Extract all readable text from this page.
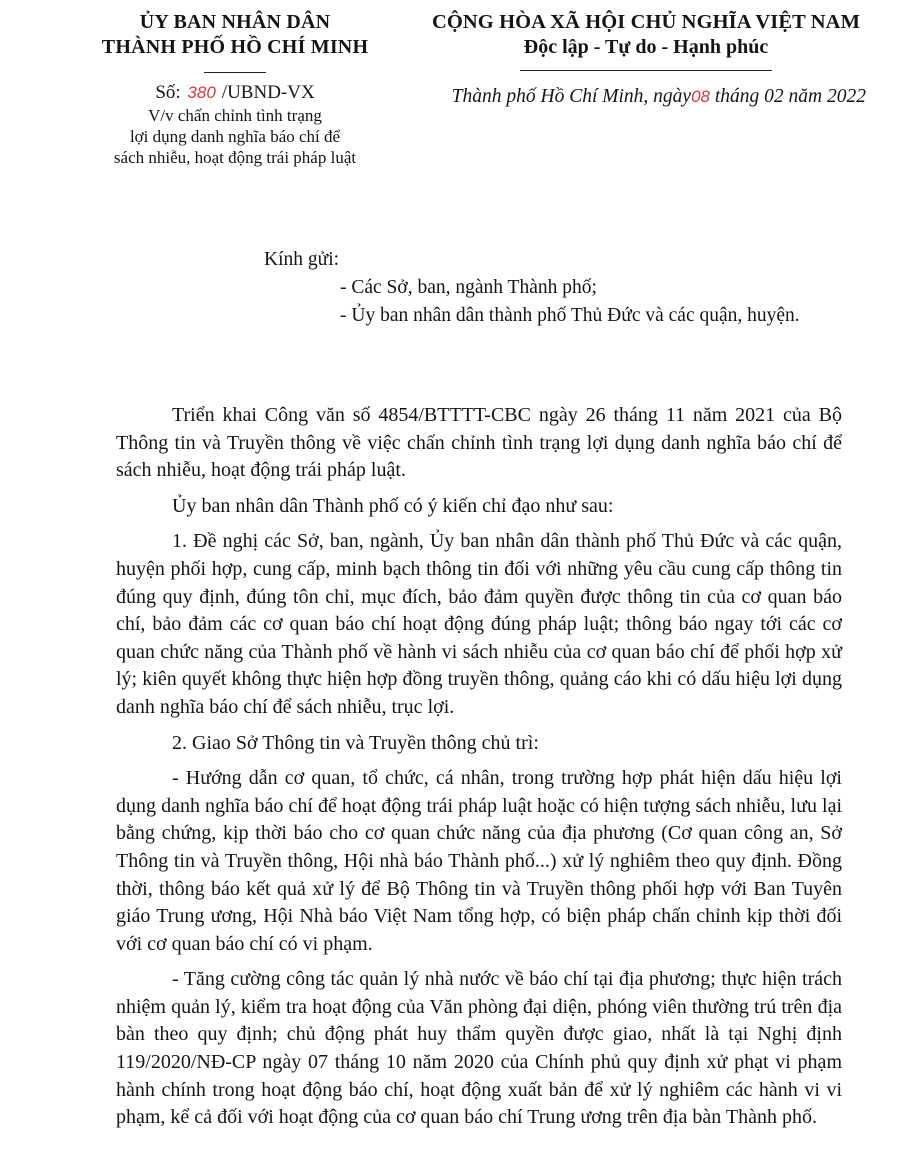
ỦY BAN NHÂN DÂN
THÀNH PHỐ HỒ CHÍ MINH
Số: 380 /UBND-VX
V/v chấn chỉnh tình trạng
lợi dụng danh nghĩa báo chí để
sách nhiễu, hoạt động trái pháp luật
CỘNG HÒA XÃ HỘI CHỦ NGHĨA VIỆT NAM
Độc lập - Tự do - Hạnh phúc
Thành phố Hồ Chí Minh, ngày08 tháng 02 năm 2022
Kính gửi:
- Các Sở, ban, ngành Thành phố;
- Ủy ban nhân dân thành phố Thủ Đức và các quận, huyện.

Triển khai Công văn số 4854/BTTTT-CBC ngày 26 tháng 11 năm 2021 của Bộ Thông tin và Truyền thông về việc chấn chỉnh tình trạng lợi dụng danh nghĩa báo chí để sách nhiễu, hoạt động trái pháp luật.

Ủy ban nhân dân Thành phố có ý kiến chỉ đạo như sau:

1. Đề nghị các Sở, ban, ngành, Ủy ban nhân dân thành phố Thủ Đức và các quận, huyện phối hợp, cung cấp, minh bạch thông tin đối với những yêu cầu cung cấp thông tin đúng quy định, đúng tôn chỉ, mục đích, bảo đảm quyền được thông tin của cơ quan báo chí, bảo đảm các cơ quan báo chí hoạt động đúng pháp luật; thông báo ngay tới các cơ quan chức năng của Thành phố về hành vi sách nhiễu của cơ quan báo chí để phối hợp xử lý; kiên quyết không thực hiện hợp đồng truyền thông, quảng cáo khi có dấu hiệu lợi dụng danh nghĩa báo chí để sách nhiễu, trục lợi.

2. Giao Sở Thông tin và Truyền thông chủ trì:

- Hướng dẫn cơ quan, tổ chức, cá nhân, trong trường hợp phát hiện dấu hiệu lợi dụng danh nghĩa báo chí để hoạt động trái pháp luật hoặc có hiện tượng sách nhiễu, lưu lại bằng chứng, kịp thời báo cho cơ quan chức năng của địa phương (Cơ quan công an, Sở Thông tin và Truyền thông, Hội nhà báo Thành phố...) xử lý nghiêm theo quy định. Đồng thời, thông báo kết quả xử lý để Bộ Thông tin và Truyền thông phối hợp với Ban Tuyên giáo Trung ương, Hội Nhà báo Việt Nam tổng hợp, có biện pháp chấn chỉnh kịp thời đối với cơ quan báo chí có vi phạm.

- Tăng cường công tác quản lý nhà nước về báo chí tại địa phương; thực hiện trách nhiệm quản lý, kiểm tra hoạt động của Văn phòng đại diện, phóng viên thường trú trên địa bàn theo quy định; chủ động phát huy thẩm quyền được giao, nhất là tại Nghị định 119/2020/NĐ-CP ngày 07 tháng 10 năm 2020 của Chính phủ quy định xử phạt vi phạm hành chính trong hoạt động báo chí, hoạt động xuất bản để xử lý nghiêm các hành vi vi phạm, kể cả đối với hoạt động của cơ quan báo chí Trung ương trên địa bàn Thành phố.
